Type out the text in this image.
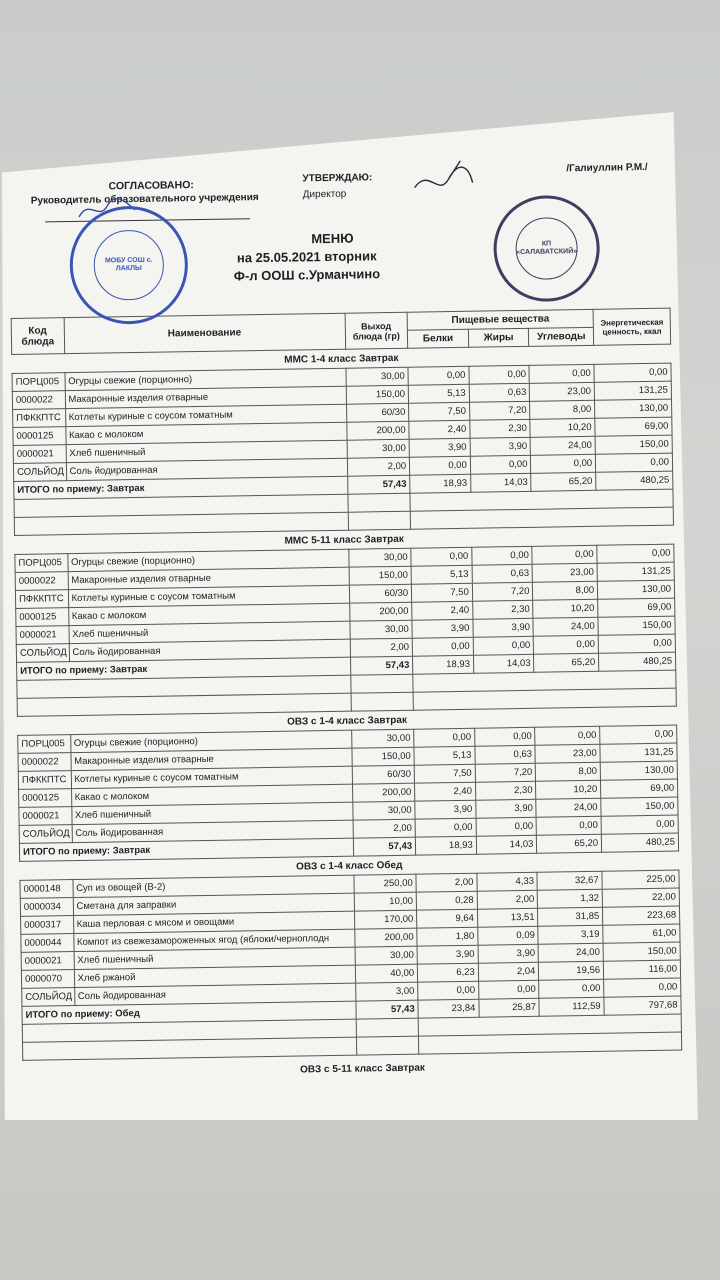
СОГЛАСОВАНО:
Руководитель образовательного учреждения
УТВЕРЖДАЮ:
Директор
/Галиуллин Р.М./
МОБУ СОШ с. ЛАКЛЫ
КП «САЛАВАТСКИЙ»
МЕНЮ
на 25.05.2021 вторник
Ф-л ООШ с.Урманчино
Код блюда	Наименование	Выход блюда (гр)	Пищевые вещества			Энергетическая ценность, ккал
			Белки	Жиры	Углеводы	
ММС 1-4 класс Завтрак						
ПОРЦ005	Огурцы свежие (порционно)	30,00	0,00	0,00	0,00	0,00
0000022	Макаронные изделия отварные	150,00	5,13	0,63	23,00	131,25
ПФККПТС	Котлеты куриные с соусом томатным	60/30	7,50	7,20	8,00	130,00
0000125	Какао с молоком	200,00	2,40	2,30	10,20	69,00
0000021	Хлеб пшеничный	30,00	3,90	3,90	24,00	150,00
СОЛЬЙОД	Соль йодированная	2,00	0,00	0,00	0,00	0,00
ИТОГО по приему: Завтрак		57,43	18,93	14,03	65,20	480,25

ММС 5-11 класс Завтрак						
ПОРЦ005	Огурцы свежие (порционно)	30,00	0,00	0,00	0,00	0,00
0000022	Макаронные изделия отварные	150,00	5,13	0,63	23,00	131,25
ПФККПТС	Котлеты куриные с соусом томатным	60/30	7,50	7,20	8,00	130,00
0000125	Какао с молоком	200,00	2,40	2,30	10,20	69,00
0000021	Хлеб пшеничный	30,00	3,90	3,90	24,00	150,00
СОЛЬЙОД	Соль йодированная	2,00	0,00	0,00	0,00	0,00
ИТОГО по приему: Завтрак		57,43	18,93	14,03	65,20	480,25

ОВЗ с 1-4 класс Завтрак						
ПОРЦ005	Огурцы свежие (порционно)	30,00	0,00	0,00	0,00	0,00
0000022	Макаронные изделия отварные	150,00	5,13	0,63	23,00	131,25
ПФККПТС	Котлеты куриные с соусом томатным	60/30	7,50	7,20	8,00	130,00
0000125	Какао с молоком	200,00	2,40	2,30	10,20	69,00
0000021	Хлеб пшеничный	30,00	3,90	3,90	24,00	150,00
СОЛЬЙОД	Соль йодированная	2,00	0,00	0,00	0,00	0,00
ИТОГО по приему: Завтрак		57,43	18,93	14,03	65,20	480,25
ОВЗ с 1-4 класс Обед						
0000148	Суп из овощей (В-2)	250,00	2,00	4,33	32,67	225,00
0000034	Сметана для заправки	10,00	0,28	2,00	1,32	22,00
0000317	Каша перловая с мясом и овощами	170,00	9,64	13,51	31,85	223,68
0000044	Компот из свежезамороженных ягод (яблоки/черноплодн	200,00	1,80	0,09	3,19	61,00
0000021	Хлеб пшеничный	30,00	3,90	3,90	24,00	150,00
0000070	Хлеб ржаной	40,00	6,23	2,04	19,56	116,00
СОЛЬЙОД	Соль йодированная	3,00	0,00	0,00	0,00	0,00
ИТОГО по приему: Обед		57,43	23,84	25,87	112,59	797,68

ОВЗ с 5-11 класс Завтрак
